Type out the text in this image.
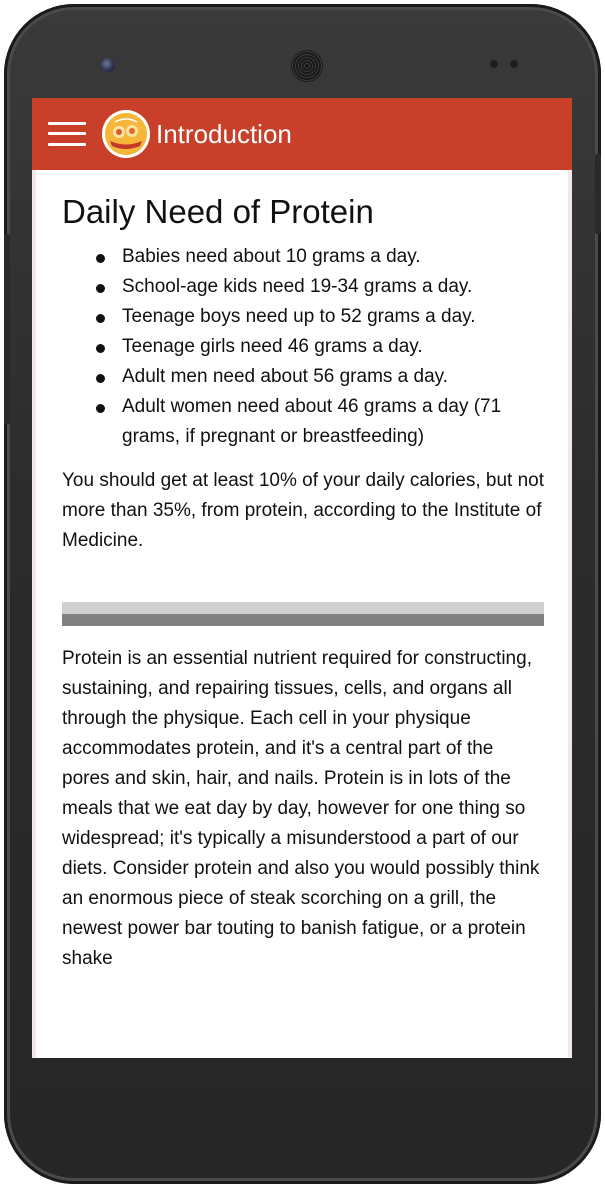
Introduction
Daily Need of Protein
Babies need about 10 grams a day.
School-age kids need 19-34 grams a day.
Teenage boys need up to 52 grams a day.
Teenage girls need 46 grams a day.
Adult men need about 56 grams a day.
Adult women need about 46 grams a day (71 grams, if pregnant or breastfeeding)

You should get at least 10% of your daily calories, but not more than 35%, from protein, according to the Institute of Medicine.

Protein is an essential nutrient required for constructing, sustaining, and repairing tissues, cells, and organs all through the physique. Each cell in your physique accommodates protein, and it's a central part of the pores and skin, hair, and nails. Protein is in lots of the meals that we eat day by day, however for one thing so widespread; it's typically a misunderstood a part of our diets. Consider protein and also you would possibly think an enormous piece of steak scorching on a grill, the newest power bar touting to banish fatigue, or a protein shake
